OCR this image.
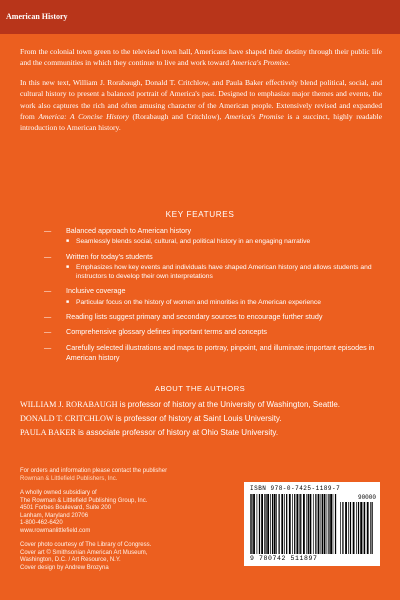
American History

From the colonial town green to the televised town hall, Americans have shaped their destiny through their public life and the communities in which they continue to live and work toward America's Promise.

In this new text, William J. Rorabaugh, Donald T. Critchlow, and Paula Baker effectively blend political, social, and cultural history to present a balanced portrait of America's past. Designed to emphasize major themes and events, the work also captures the rich and often amusing character of the American people. Extensively revised and expanded from America: A Concise History (Rorabaugh and Critchlow), America's Promise is a succinct, highly readable introduction to American history.

KEY FEATURES
— Balanced approach to American history
■ Seamlessly blends social, cultural, and political history in an engaging narrative
— Written for today's students
■ Emphasizes how key events and individuals have shaped American history and allows students and instructors to develop their own interpretations
— Inclusive coverage
■ Particular focus on the history of women and minorities in the American experience
— Reading lists suggest primary and secondary sources to encourage further study
— Comprehensive glossary defines important terms and concepts
— Carefully selected illustrations and maps to portray, pinpoint, and illuminate important episodes in American history
ABOUT THE AUTHORS
WILLIAM J. RORABAUGH is professor of history at the University of Washington, Seattle.
DONALD T. CRITCHLOW is professor of history at Saint Louis University.
PAULA BAKER is associate professor of history at Ohio State University.
For orders and information please contact the publisher
Rowman & Littlefield Publishers, Inc.
A wholly owned subsidiary of
The Rowman & Littlefield Publishing Group, Inc.
4501 Forbes Boulevard, Suite 200
Lanham, Maryland 20706
1-800-462-6420
www.rowmanlittlefield.com
Cover photo courtesy of The Library of Congress.
Cover art © Smithsonian American Art Museum,
Washington, D.C. / Art Resource, N.Y.
Cover design by Andrew Brozyna
ISBN 978-0-7425-1189-7
90000
9 780742 511897
